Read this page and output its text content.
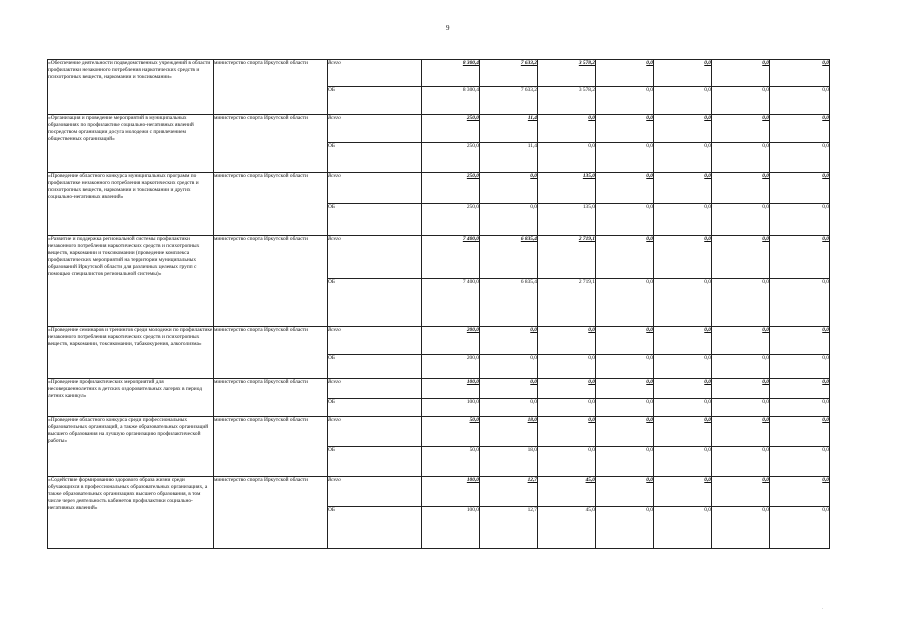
9
«Обеспечение деятельности подведомственных учреждений в области профилактики незаконного потребления наркотических средств и психотропных веществ, наркомании и токсикомании»	министерство спорта Иркутской области	Всего	8 300,4	7 633,2	3 578,2	0,0	0,0	0,0	0,0
		ОБ	8 300,4	7 633,2	3 578,2	0,0	0,0	0,0	0,0
«Организация и проведение мероприятий в муниципальных образованиях по профилактике социально-негативных явлений посредством организации досуга молодежи с привлечением общественных организаций»	министерство спорта Иркутской области	Всего	250,0	11,4	0,0	0,0	0,0	0,0	0,0
		ОБ	250,0	11,4	0,0	0,0	0,0	0,0	0,0
«Проведение областного конкурса муниципальных программ по профилактике незаконного потребления наркотических средств и психотропных веществ, наркомании и токсикомании и других социально-негативных явлений»	министерство спорта Иркутской области	Всего	250,0	0,0	135,0	0,0	0,0	0,0	0,0
		ОБ	250,0	0,0	135,0	0,0	0,0	0,0	0,0
«Развитие и поддержка региональной системы профилактики незаконного потребления наркотических средств и психотропных веществ, наркомании и токсикомании (проведение комплекса профилактических мероприятий на территории муниципальных образований Иркутской области для различных целевых групп с помощью специалистов региональной системы)»	министерство спорта Иркутской области	Всего	7 400,0	6 835,4	2 719,1	0,0	0,0	0,0	0,0
		ОБ	7 400,0	6 835,4	2 719,1	0,0	0,0	0,0	0,0
«Проведение семинаров и тренингов среди молодежи по профилактике незаконного потребления наркотических средств и психотропных веществ, наркомании, токсикомании, табакокурения, алкоголизма»	министерство спорта Иркутской области	Всего	200,0	0,0	0,0	0,0	0,0	0,0	0,0
		ОБ	200,0	0,0	0,0	0,0	0,0	0,0	0,0
«Проведение профилактических мероприятий для несовершеннолетних в детских оздоровительных лагерях в период летних каникул»	министерство спорта Иркутской области	Всего	100,0	0,0	0,0	0,0	0,0	0,0	0,0
		ОБ	100,0	0,0	0,0	0,0	0,0	0,0	0,0
«Проведение областного конкурса среди профессиональных образовательных организаций, а также образовательных организаций высшего образования на лучшую организацию профилактической работы»	министерство спорта Иркутской области	Всего	50,0	18,0	0,0	0,0	0,0	0,0	0,0
		ОБ	50,0	18,0	0,0	0,0	0,0	0,0	0,0
«Содействие формированию здорового образа жизни среди обучающихся в профессиональных образовательных организациях, а также образовательных организациях высшего образования, в том числе через деятельность кабинетов профилактики социально-негативных явлений»	министерство спорта Иркутской области	Всего	100,0	12,7	45,0	0,0	0,0	0,0	0,0
		ОБ	100,0	12,7	45,0	0,0	0,0	0,0	0,0
.
